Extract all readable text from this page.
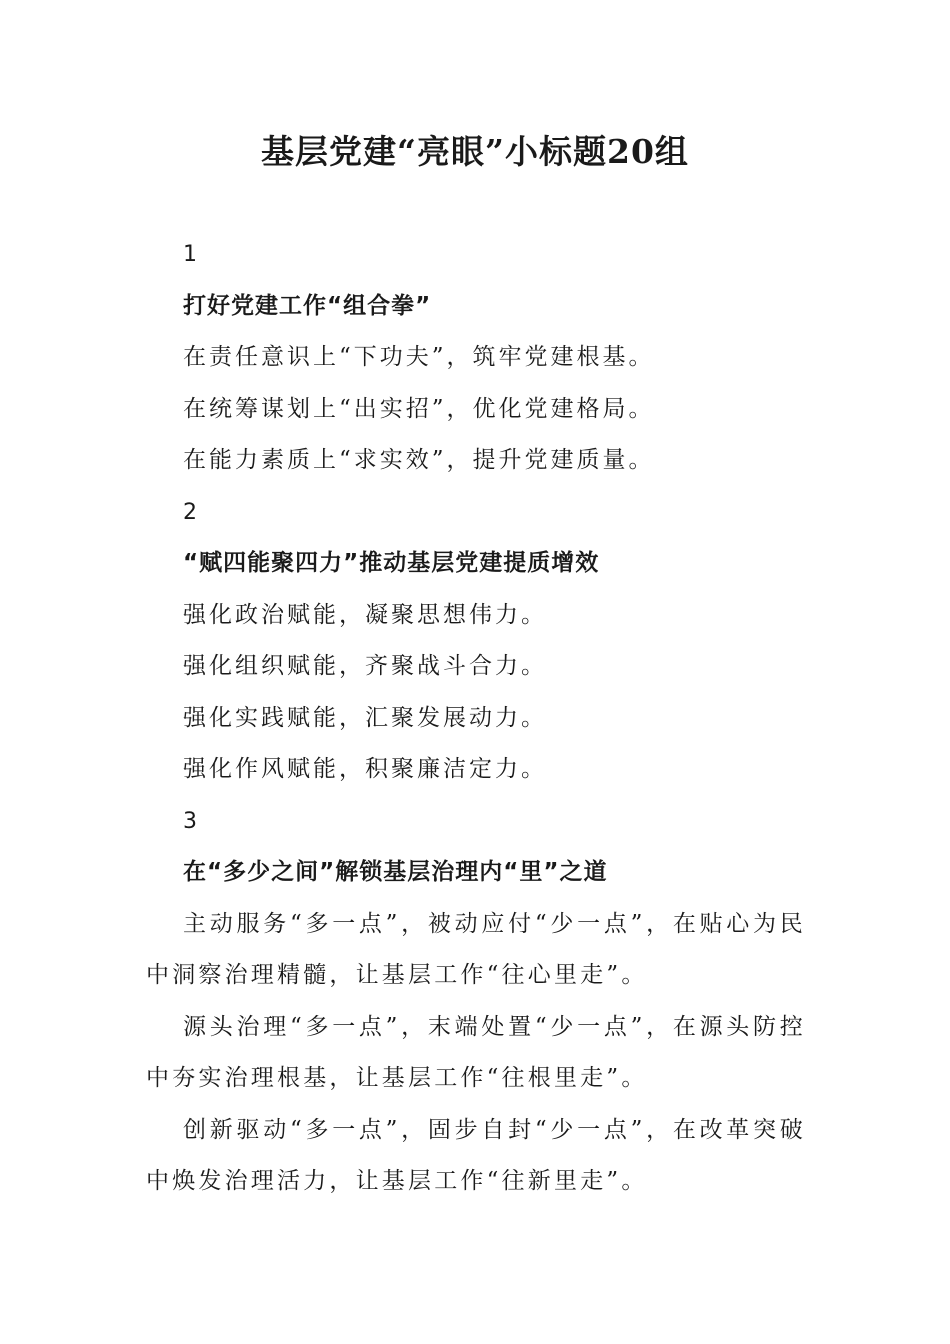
基层党建“亮眼”小标题20组

1

打好党建工作“组合拳”

在责任意识上“下功夫”，筑牢党建根基。

在统筹谋划上“出实招”，优化党建格局。

在能力素质上“求实效”，提升党建质量。

2

“赋四能聚四力”推动基层党建提质增效

强化政治赋能，凝聚思想伟力。

强化组织赋能，齐聚战斗合力。

强化实践赋能，汇聚发展动力。

强化作风赋能，积聚廉洁定力。

3

在“多少之间”解锁基层治理内“里”之道

主动服务“多一点”，被动应付“少一点”，在贴心为民中洞察治理精髓，让基层工作“往心里走”。

源头治理“多一点”，末端处置“少一点”，在源头防控中夯实治理根基，让基层工作“往根里走”。

创新驱动“多一点”，固步自封“少一点”，在改革突破中焕发治理活力，让基层工作“往新里走”。
